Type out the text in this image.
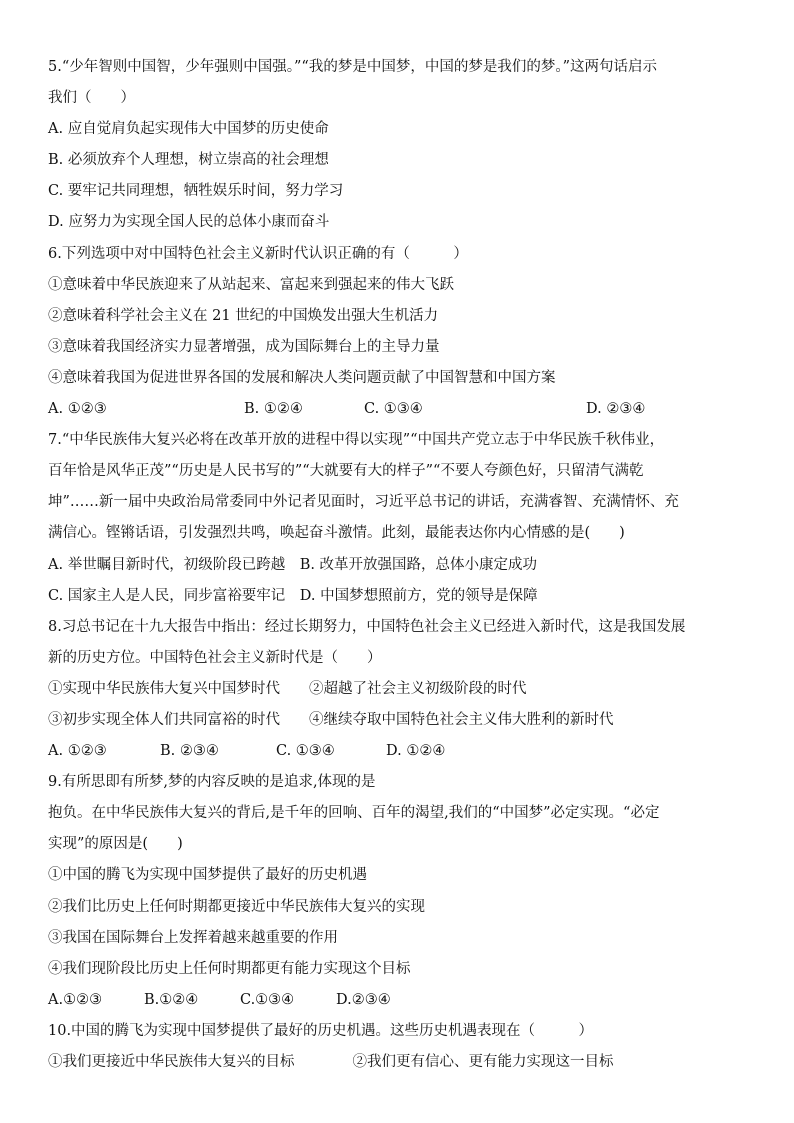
5.“少年智则中国智，少年强则中国强。”“我的梦是中国梦，中国的梦是我们的梦。”这两句话启示
我们（　　）
A. 应自觉肩负起实现伟大中国梦的历史使命
B. 必须放弃个人理想，树立崇高的社会理想
C. 要牢记共同理想，牺牲娱乐时间，努力学习
D. 应努力为实现全国人民的总体小康而奋斗
6.下列选项中对中国特色社会主义新时代认识正确的有（　　　）
①意味着中华民族迎来了从站起来、富起来到强起来的伟大飞跃
②意味着科学社会主义在 21 世纪的中国焕发出强大生机活力
③意味着我国经济实力显著增强，成为国际舞台上的主导力量
④意味着我国为促进世界各国的发展和解决人类问题贡献了中国智慧和中国方案
A. ①②③	B. ①②④	C. ①③④	D. ②③④
7.“中华民族伟大复兴必将在改革开放的进程中得以实现”“中国共产党立志于中华民族千秋伟业，
百年恰是风华正茂”“历史是人民书写的”“大就要有大的样子”“不要人夸颜色好，只留清气满乾
坤”……新一届中央政治局常委同中外记者见面时，习近平总书记的讲话，充满睿智、充满情怀、充
满信心。铿锵话语，引发强烈共鸣，唤起奋斗激情。此刻，最能表达你内心情感的是(　　)
A. 举世瞩目新时代，初级阶段已跨越　B. 改革开放强国路，总体小康定成功
C. 国家主人是人民，同步富裕要牢记　D. 中国梦想照前方，党的领导是保障
8.习总书记在十九大报告中指出：经过长期努力，中国特色社会主义已经进入新时代，这是我国发展
新的历史方位。中国特色社会主义新时代是（　　）
①实现中华民族伟大复兴中国梦时代　　②超越了社会主义初级阶段的时代
③初步实现全体人们共同富裕的时代　　④继续夺取中国特色社会主义伟大胜利的新时代
A. ①②③	B. ②③④	C. ①③④	D. ①②④
9.有所思即有所梦,梦的内容反映的是追求,体现的是
抱负。在中华民族伟大复兴的背后,是千年的回响、百年的渴望,我们的“中国梦”必定实现。“必定
实现”的原因是(　　)
①中国的腾飞为实现中国梦提供了最好的历史机遇
②我们比历史上任何时期都更接近中华民族伟大复兴的实现
③我国在国际舞台上发挥着越来越重要的作用
④我们现阶段比历史上任何时期都更有能力实现这个目标
A.①②③	B.①②④	C.①③④	D.②③④
10.中国的腾飞为实现中国梦提供了最好的历史机遇。这些历史机遇表现在（　　　）
①我们更接近中华民族伟大复兴的目标　　　　②我们更有信心、更有能力实现这一目标
